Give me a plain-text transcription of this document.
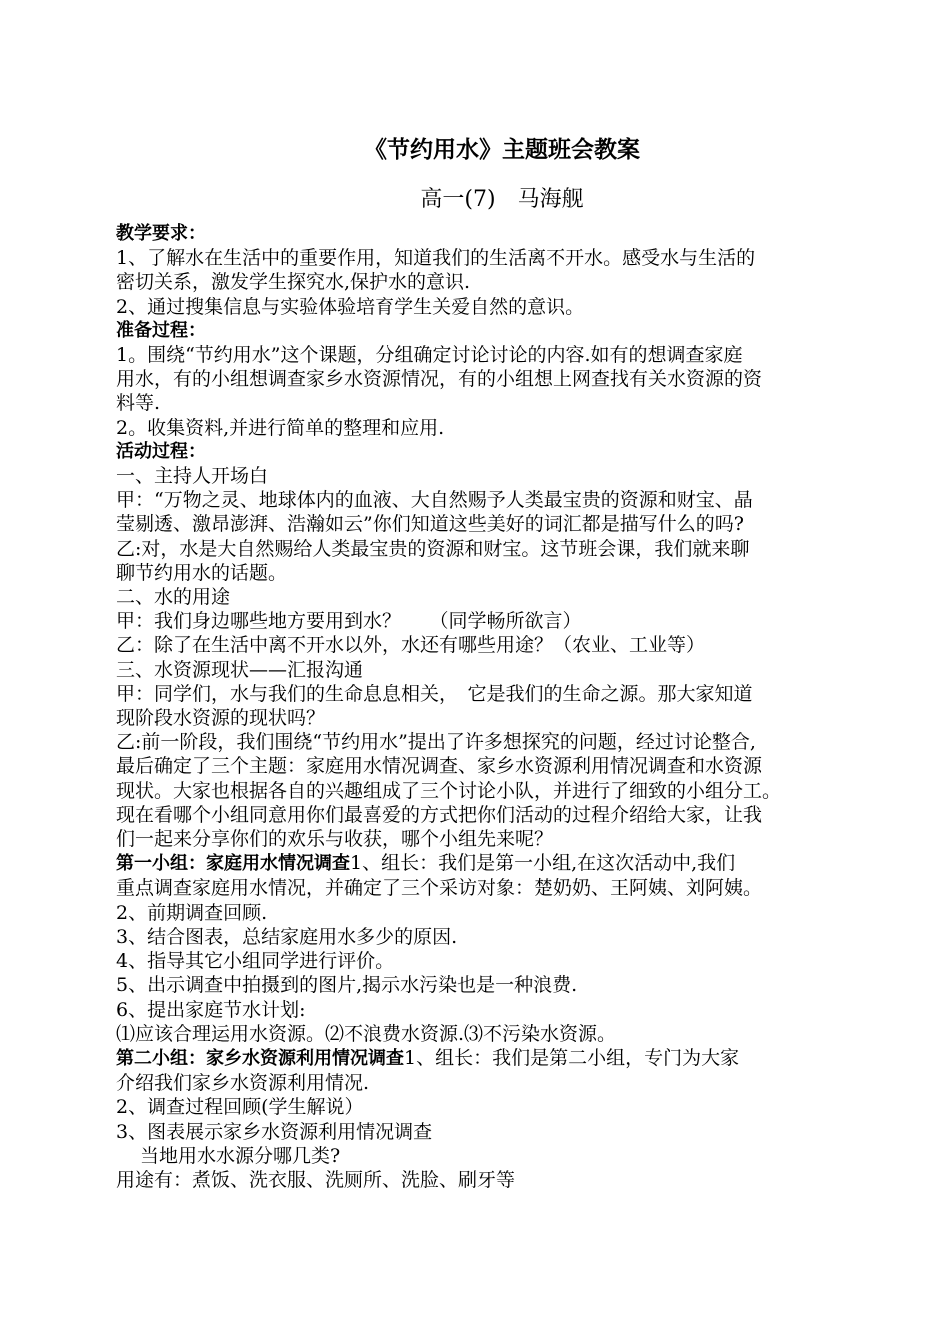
《节约用水》主题班会教案
高一(7)　马海舰
教学要求：
1、了解水在生活中的重要作用，知道我们的生活离不开水。感受水与生活的
密切关系，激发学生探究水,保护水的意识.
2、通过搜集信息与实验体验培育学生关爱自然的意识。
准备过程：
1。围绕“节约用水”这个课题，分组确定讨论讨论的内容.如有的想调查家庭
用水，有的小组想调查家乡水资源情况，有的小组想上网查找有关水资源的资
料等.
2。收集资料,并进行简单的整理和应用.
活动过程：
一、主持人开场白
甲：“万物之灵、地球体内的血液、大自然赐予人类最宝贵的资源和财宝、晶
莹剔透、激昂澎湃、浩瀚如云”你们知道这些美好的词汇都是描写什么的吗?
乙:对，水是大自然赐给人类最宝贵的资源和财宝。这节班会课，我们就来聊
聊节约用水的话题。
二、水的用途
甲：我们身边哪些地方要用到水？　　（同学畅所欲言）
乙：除了在生活中离不开水以外，水还有哪些用途？（农业、工业等）
三、水资源现状——汇报沟通
甲：同学们，水与我们的生命息息相关，　它是我们的生命之源。那大家知道
现阶段水资源的现状吗？
乙:前一阶段，我们围绕“节约用水”提出了许多想探究的问题，经过讨论整合,
最后确定了三个主题：家庭用水情况调查、家乡水资源利用情况调查和水资源
现状。大家也根据各自的兴趣组成了三个讨论小队，并进行了细致的小组分工。
现在看哪个小组同意用你们最喜爱的方式把你们活动的过程介绍给大家，让我
们一起来分享你们的欢乐与收获，哪个小组先来呢？
第一小组：家庭用水情况调查1、组长：我们是第一小组,在这次活动中,我们
重点调查家庭用水情况，并确定了三个采访对象：楚奶奶、王阿姨、刘阿姨。
2、前期调查回顾.
3、结合图表，总结家庭用水多少的原因.
4、指导其它小组同学进行评价。
5、出示调查中拍摄到的图片,揭示水污染也是一种浪费.
6、提出家庭节水计划:
⑴应该合理运用水资源。⑵不浪费水资源.⑶不污染水资源。
第二小组：家乡水资源利用情况调查1、组长：我们是第二小组，专门为大家
介绍我们家乡水资源利用情况.
2、调查过程回顾(学生解说）
3、图表展示家乡水资源利用情况调查
当地用水水源分哪几类?
用途有：煮饭、洗衣服、洗厕所、洗脸、刷牙等
